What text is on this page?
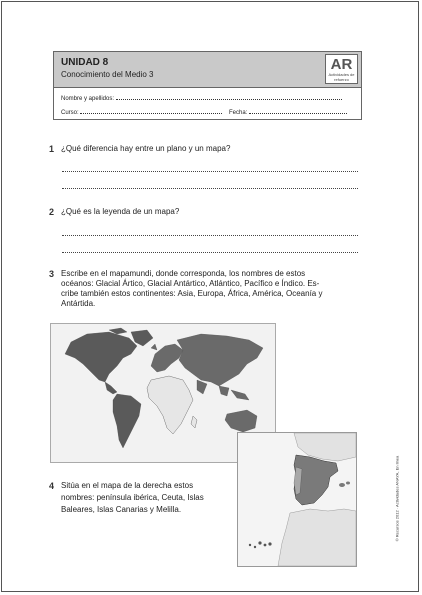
UNIDAD 8
Conocimiento del Medio 3
AR
Actividades de refuerzo
Nombre y apellidos:
Curso:	Fecha:
1 ¿Qué diferencia hay entre un plano y un mapa?
2 ¿Qué es la leyenda de un mapa?
3 Escribe en el mapamundi, donde corresponda, los nombres de estos
océanos: Glacial Ártico, Glacial Antártico, Atlántico, Pacífico e Índico. Es-
cribe también estos continentes: Asia, Europa, África, América, Oceanía y
Antártida.
4 Sitúa en el mapa de la derecha estos
nombres: península ibérica, Ceuta, Islas
Baleares, Islas Canarias y Melilla.	© Recursos 2012 · Actividades ANAYA, En línea
